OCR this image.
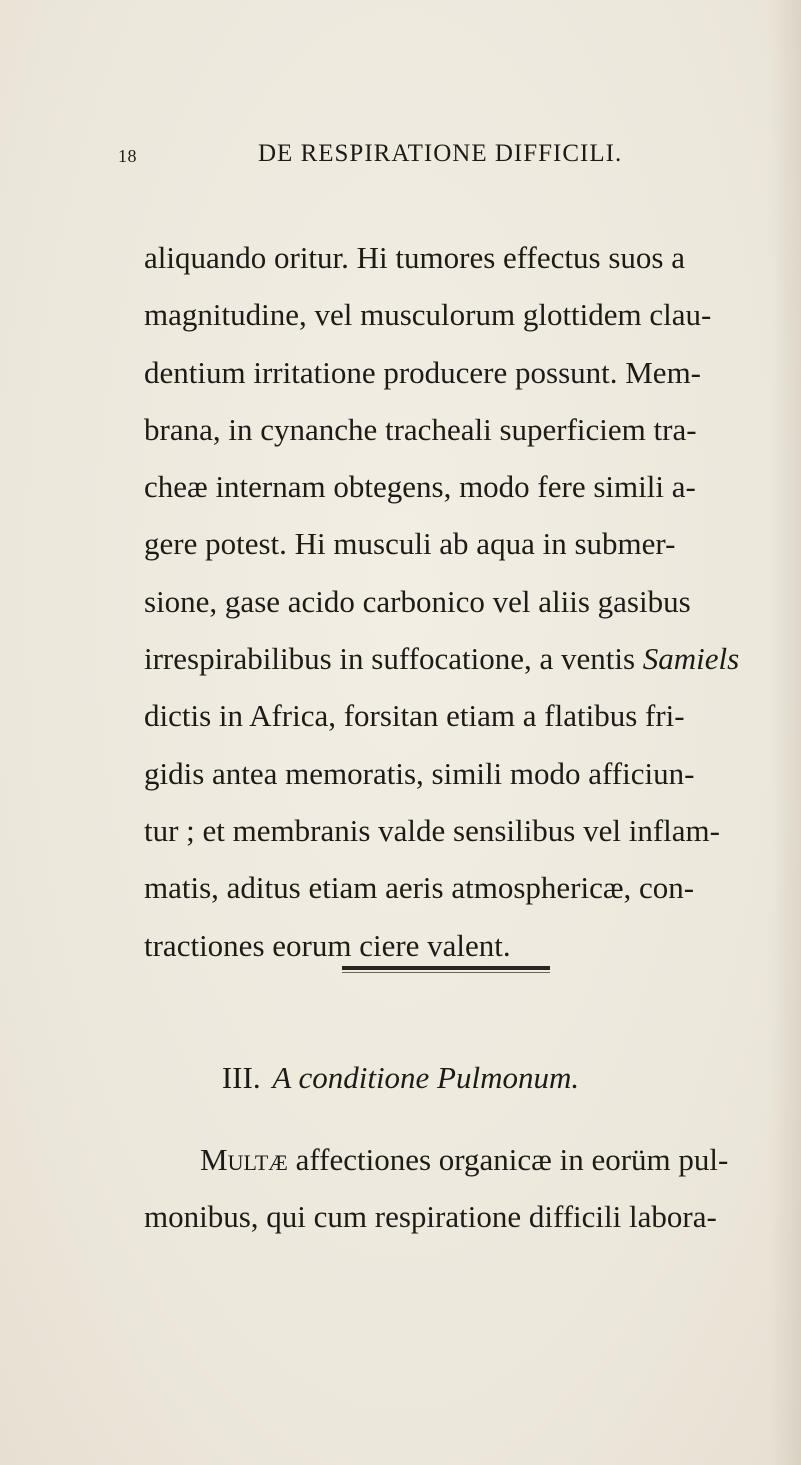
18	DE RESPIRATIONE DIFFICILI.
aliquando oritur. Hi tumores effectus suos a
magnitudine, vel musculorum glottidem clau-
dentium irritatione producere possunt. Mem-
brana, in cynanche tracheali superficiem tra-
cheæ internam obtegens, modo fere simili a-
gere potest. Hi musculi ab aqua in submer-
sione, gase acido carbonico vel aliis gasibus
irrespirabilibus in suffocatione, a ventis Samiels
dictis in Africa, forsitan etiam a flatibus fri-
gidis antea memoratis, simili modo afficiun-
tur ; et membranis valde sensilibus vel inflam-
matis, aditus etiam aeris atmosphericæ, con-
tractiones eorum ciere valent.
III. A conditione Pulmonum.
Multæ affectiones organicæ in eorüm pul-
monibus, qui cum respiratione difficili labora-
